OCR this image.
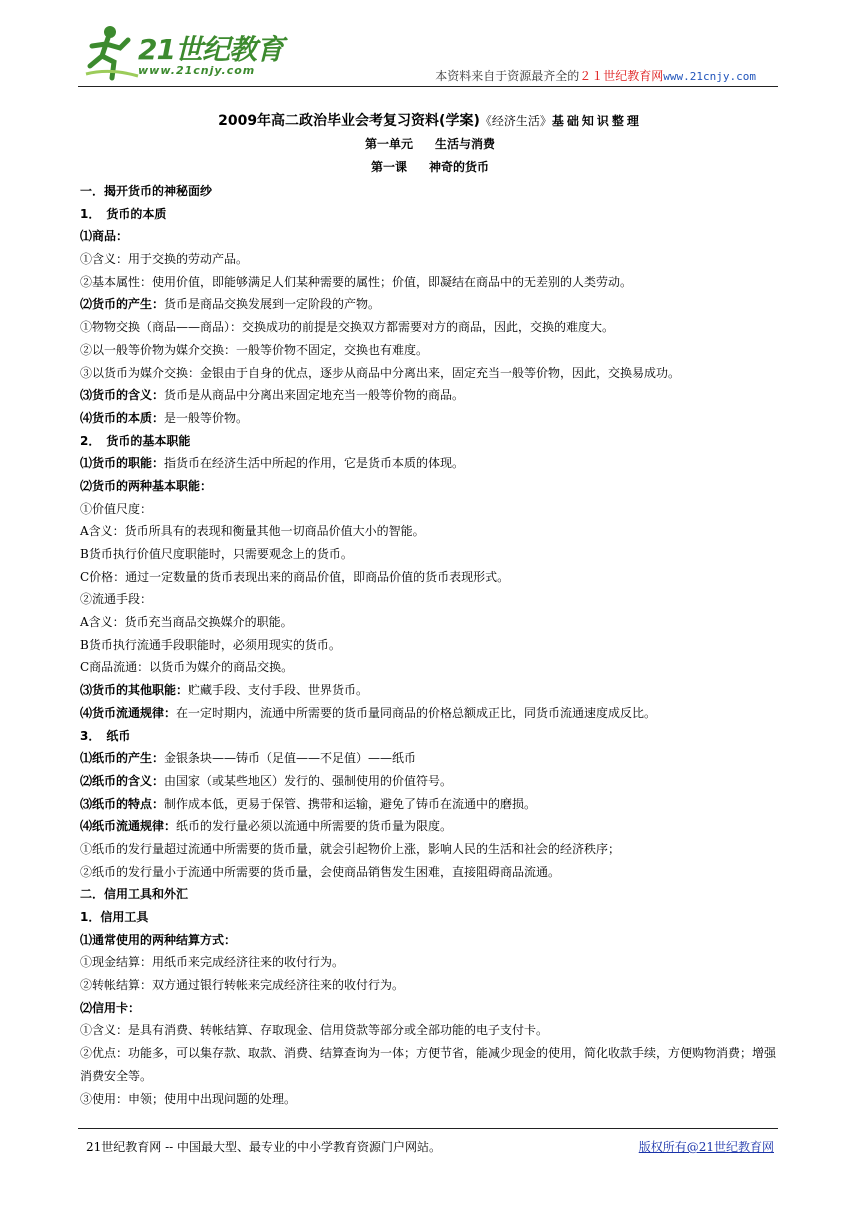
21世纪教育
www.21cnjy.com	本资料来自于资源最齐全的２１世纪教育网www.21cnjy.com
2009年高二政治毕业会考复习资料(学案)《经济生活》基础知识整理
第一单元 生活与消费
第一课 神奇的货币
一．揭开货币的神秘面纱
1．　货币的本质
⑴商品：
①含义：用于交换的劳动产品。
②基本属性：使用价值，即能够满足人们某种需要的属性；价值，即凝结在商品中的无差别的人类劳动。
⑵货币的产生：货币是商品交换发展到一定阶段的产物。
①物物交换（商品——商品）：交换成功的前提是交换双方都需要对方的商品，因此，交换的难度大。
②以一般等价物为媒介交换：一般等价物不固定，交换也有难度。
③以货币为媒介交换：金银由于自身的优点，逐步从商品中分离出来，固定充当一般等价物，因此，交换易成功。
⑶货币的含义：货币是从商品中分离出来固定地充当一般等价物的商品。
⑷货币的本质：是一般等价物。
2．　货币的基本职能
⑴货币的职能：指货币在经济生活中所起的作用，它是货币本质的体现。
⑵货币的两种基本职能：
①价值尺度：
A含义：货币所具有的表现和衡量其他一切商品价值大小的智能。
B货币执行价值尺度职能时，只需要观念上的货币。
C价格：通过一定数量的货币表现出来的商品价值，即商品价值的货币表现形式。
②流通手段：
A含义：货币充当商品交换媒介的职能。
B货币执行流通手段职能时，必须用现实的货币。
C商品流通：以货币为媒介的商品交换。
⑶货币的其他职能：贮藏手段、支付手段、世界货币。
⑷货币流通规律：在一定时期内，流通中所需要的货币量同商品的价格总额成正比，同货币流通速度成反比。
3．　纸币
⑴纸币的产生：金银条块——铸币（足值——不足值）——纸币
⑵纸币的含义：由国家（或某些地区）发行的、强制使用的价值符号。
⑶纸币的特点：制作成本低，更易于保管、携带和运输，避免了铸币在流通中的磨损。
⑷纸币流通规律：纸币的发行量必须以流通中所需要的货币量为限度。
①纸币的发行量超过流通中所需要的货币量，就会引起物价上涨，影响人民的生活和社会的经济秩序；
②纸币的发行量小于流通中所需要的货币量，会使商品销售发生困难，直接阻碍商品流通。
二．信用工具和外汇
1．信用工具
⑴通常使用的两种结算方式：
①现金结算：用纸币来完成经济往来的收付行为。
②转帐结算：双方通过银行转帐来完成经济往来的收付行为。
⑵信用卡：
①含义：是具有消费、转帐结算、存取现金、信用贷款等部分或全部功能的电子支付卡。
②优点：功能多，可以集存款、取款、消费、结算查询为一体；方便节省，能减少现金的使用，简化收款手续，方便购物消费；增强消费安全等。
③使用：申领；使用中出现问题的处理。
21世纪教育网 -- 中国最大型、最专业的中小学教育资源门户网站。	版权所有@21世纪教育网
